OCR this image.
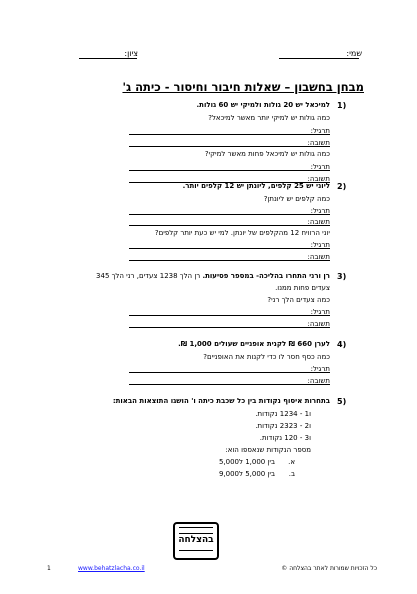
שמי:
ציון:
מבחן בחשבון – שאלות חיבור וחיסור - כיתה ג'
1)
למיכאל יש 20 גולות ולמיקי יש 60 גולות.
כמה גולות יש למיקי יותר מאשר למיכאל?
תרגיל:
תשובה:
כמה גולות יש למיכאל פחות מאשר למיקי?
תרגיל:
תשובה:
2)
ליוני יש 25 קלפים, ליונתן יש 12 קלפים יותר.
כמה קלפים יש ליונתן?
תרגיל:
תשובה:
יוני הרוויח 12 מהקלפים של יונתן. למי יש כעת יותר קלפים?
תרגיל:
תשובה:
3)
רן ורני התחרו בהליכה- במספר פסיעות. רן הלך 1238 צעדים, רני הלך 345
צעדים פחות ממנו.
כמה צעדים הלך רני?
תרגיל:
תשובה:
4)
לערן 660 ₪ לקנית אופניים שעולים 1,000 ₪.
כמה כסף חסר לו כדי לקנות את האופניים?
תרגיל:
תשובה:
5)
בתחרות איסוף נקודות בין כל שכבת כיתה ו' הושגו התוצאות הבאות:
ו1 - 1234 נקודות.
ו2 - 2323 נקודות.
ו3 - 120 נקודות.
מספר הנקודות שנאספו הוא:
א.
בין 1,000 ל5,000
ב.
בין 5,000 ל9,000
בהצלחה
1	www.behatzlacha.co.il	כל הזכויות שמורות לאתר בהצלחה ©
